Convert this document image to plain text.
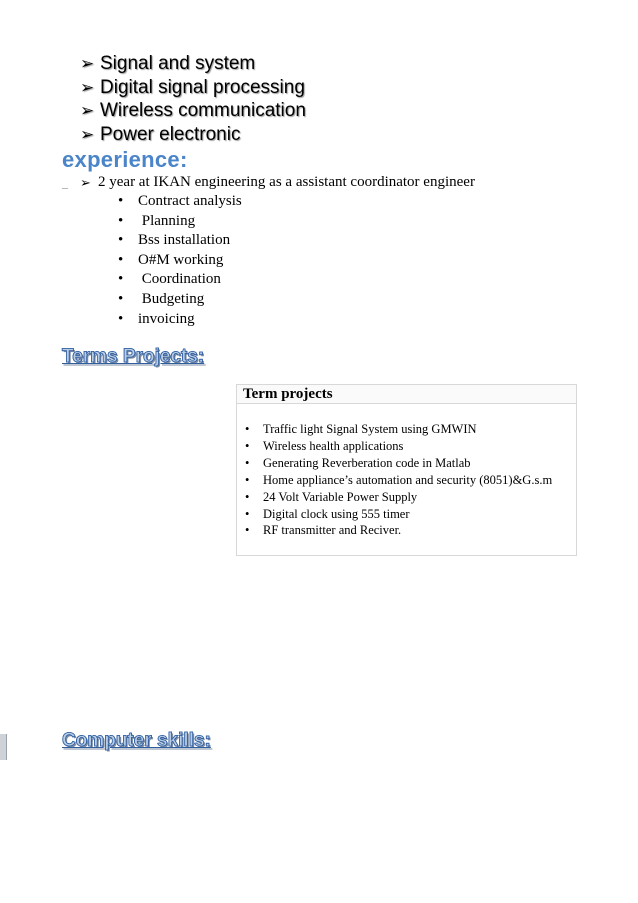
➢ Signal and system
➢ Digital signal processing
➢ Wireless communication
➢ Power electronic
experience:
– ➢ 2 year at IKAN engineering as a assistant coordinator engineer
• Contract analysis
• Planning
• Bss installation
• O#M working
• Coordination
• Budgeting
• invoicing
Terms Projects:
Term projects
•	Traffic light Signal System using GMWIN
•	Wireless health applications
•	Generating Reverberation code in Matlab
•	Home appliance’s automation and security (8051)&G.s.m
•	24 Volt Variable Power Supply
•	Digital clock using 555 timer
•	RF transmitter and Reciver.
Computer skills:
